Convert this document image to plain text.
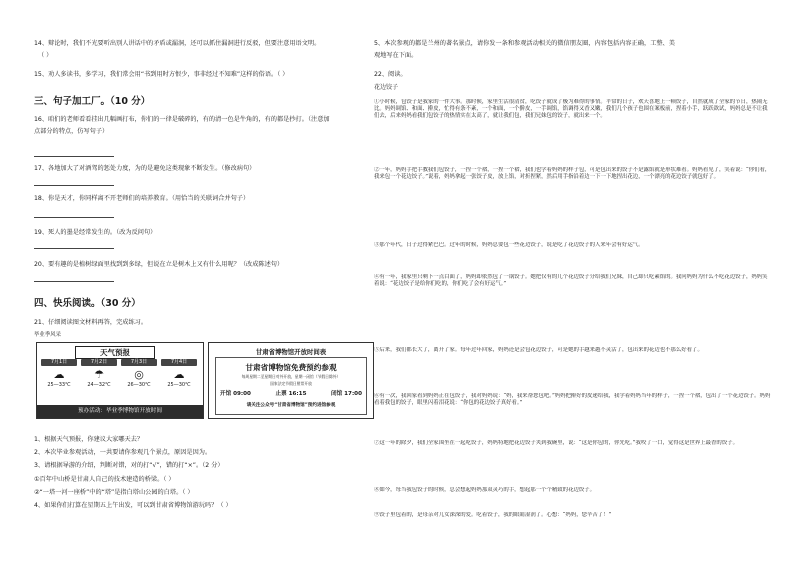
14、辩论时，我们不光要听出别人讲话中的矛盾或漏洞，还可以抓住漏洞进行反驳，但要注意用语文明。
（ ）
15、劝人多读书，多学习，我们常会用“书到用时方恨少，事非经过不知难”这样的俗语。（ ）
三、句子加工厂。（10 分）
16、咱们的老师看看挂出几幅画打布，你们的一律是破碎的，有的清一色是牛角的，有的都是抄打。（注意加
点部分的特点，仿写句子）
17、各地加大了对酒驾的惩处力度，为的是避免这类现象不断发生。（修改病句）
18、你是天才，你同样离不开老师们的培养教育。（用恰当的关联词合并句子）
19、死人的墨是经常发生的。（改为反问句）
20、要有趣的是植树绿面里找到到多绿，但说在立是树木上又有什么用呢？（改成陈述句）
四、快乐阅读。（30 分）
21、仔细阅读图文材料再答，完成练习。
毕业季风采
天气预报
7月1日
☁
25—33℃
7月2日
☂
24—32℃
7月3日
◎
26—30℃
7月4日
☁
25—30℃
预办活动：毕业季博物馆开放时间
甘肃省博物馆开放时间表
甘肃省博物馆免费预约参观
每周星期二至星期日对外开放，星期一闭馆（节假日除外）
国家法定节假日照常开放
开馆 09:00	止票 16:15	闭馆 17:00
请关注公众号“甘肃省博物馆”预约进馆参观
1、根据天气预报，你建议大家哪天去？
2、本次毕业参观活动，一共要请你参观几个景点，原因是因为。
3、请根据导游的介绍，判断对错，对的打“√”，错的打“×”。（2 分）
①百年中山桥是甘肃人自己的技术建造的桥梁。（ ）
②“一塔一河一座桥”中的“塔”是指白塔山公园的白塔。（ ）
4、如果你们打算在星期五上午出发，可以到甘肃省博物馆游玩吗？（ ）
5、本次参观的都是兰州的著名景点，请你发一条和参观活动相关的微信朋友圈，内容包括内容正确，工整、美
观地写在下面。
22、阅读。
花边饺子
①小时候，包饺子是我家的一件大事。那时候，家里生活很清贫，吃饺子就成了极为难得的事情。平常的日子，欢天喜地上一顿饺子，自然就成了全家的节日，热闹无比。妈妈调馅、和面、擀皮，忙得有条不紊，一个和面，一个擀皮，一手调馅，馅调得又香又嫩，我们几个孩子也围在案板前，捏着小手，跃跃欲试，妈妈总是不让我们去，后来妈妈看我们包饺子的热情实在太高了，就让我们包，我们兄妹包的饺子，就出来一个。
②一年，妈妈手把手教我们包饺子，一捏一个褶，一捏一个褶，我们也学着妈妈的样子包，可是包出来的饺子不是露馅就是形状难看。妈妈看见了，笑着说：“你们看，我来包一个花边饺子。”说着，妈妈拿起一张饺子皮，放上馅，对折捏紧，然后用手指沿着边一下一下地捏出花边，一个漂亮的花边饺子就包好了。
③那个年代，日子过得紧巴巴。过年的时候，妈妈总要包一些花边饺子，说是吃了花边饺子的人来年会有好运气。
④有一年，我家里只剩下一点白面了，妈妈却依然包了一锅饺子。她把仅有的几个花边饺子分给我们兄妹，自己却只吃素馅的。我问妈妈为什么不吃花边饺子，妈妈笑着说：“花边饺子是给你们吃的，你们吃了会有好运气。”
⑤后来，我们都长大了，离开了家。每年过年回家，妈妈还是会包花边饺子，可是她的手越来越不灵活了，包出来的花边也不那么好看了。
⑥有一次，我回家看到妈妈正在包饺子，我对妈妈说：“妈，我来帮您包吧。”妈妈把擀好的皮递给我，我学着妈妈当年的样子，一捏一个褶，包出了一个花边饺子。妈妈看着我包的饺子，眼里闪着泪花说：“你包的花边饺子真好看。”
⑦这一年的除夕，我们全家围坐在一起吃饺子，妈妈特地把花边饺子夹到我碗里，说：“这是你包的，你先吃。”我咬了一口，觉得这是世界上最香的饺子。
⑧如今，每当我包饺子的时候，总会想起妈妈那双灵巧的手，想起那一个个精致的花边饺子。
⑨饺子里包着的，是母亲对儿女深深的爱。吃着饺子，我的眼睛湿润了。心想：“妈妈，您辛苦了！”
